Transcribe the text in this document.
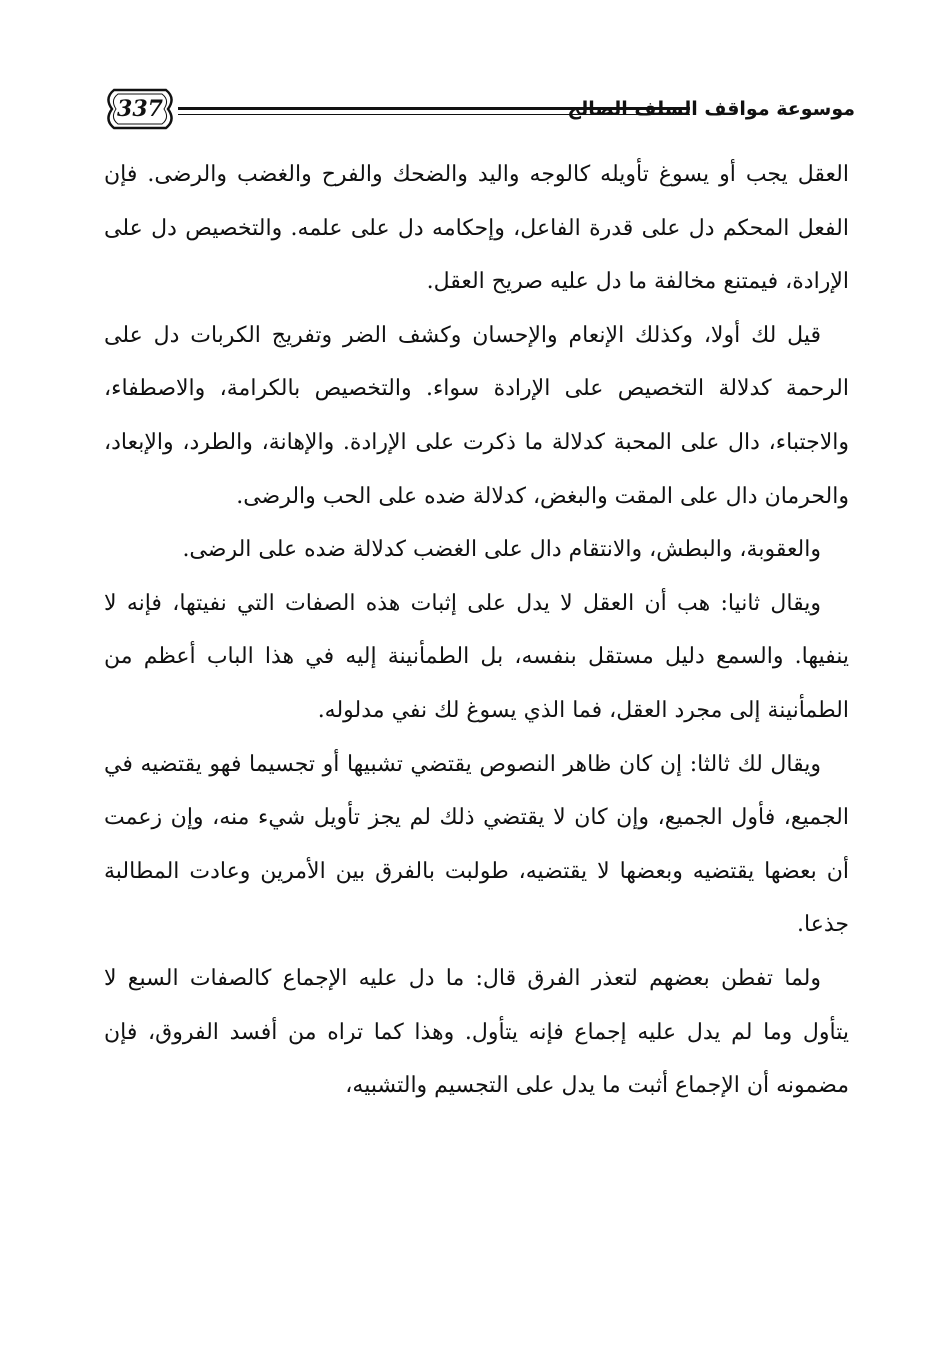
337	موسوعة مواقف السلف الصالح

العقل يجب أو يسوغ تأويله كالوجه واليد والضحك والفرح والغضب والرضى. فإن الفعل المحكم دل على قدرة الفاعل، وإحكامه دل على علمه. والتخصيص دل على الإرادة، فيمتنع مخالفة ما دل عليه صريح العقل.

قيل لك أولا، وكذلك الإنعام والإحسان وكشف الضر وتفريج الكربات دل على الرحمة كدلالة التخصيص على الإرادة سواء. والتخصيص بالكرامة، والاصطفاء، والاجتباء، دال على المحبة كدلالة ما ذكرت على الإرادة. والإهانة، والطرد، والإبعاد، والحرمان دال على المقت والبغض، كدلالة ضده على الحب والرضى.

والعقوبة، والبطش، والانتقام دال على الغضب كدلالة ضده على الرضى.

ويقال ثانيا: هب أن العقل لا يدل على إثبات هذه الصفات التي نفيتها، فإنه لا ينفيها. والسمع دليل مستقل بنفسه، بل الطمأنينة إليه في هذا الباب أعظم من الطمأنينة إلى مجرد العقل، فما الذي يسوغ لك نفي مدلوله.

ويقال لك ثالثا: إن كان ظاهر النصوص يقتضي تشبيها أو تجسيما فهو يقتضيه في الجميع، فأول الجميع، وإن كان لا يقتضي ذلك لم يجز تأويل شيء منه، وإن زعمت أن بعضها يقتضيه وبعضها لا يقتضيه، طولبت بالفرق بين الأمرين وعادت المطالبة جذعا.

ولما تفطن بعضهم لتعذر الفرق قال: ما دل عليه الإجماع كالصفات السبع لا يتأول وما لم يدل عليه إجماع فإنه يتأول. وهذا كما تراه من أفسد الفروق، فإن مضمونه أن الإجماع أثبت ما يدل على التجسيم والتشبيه،
